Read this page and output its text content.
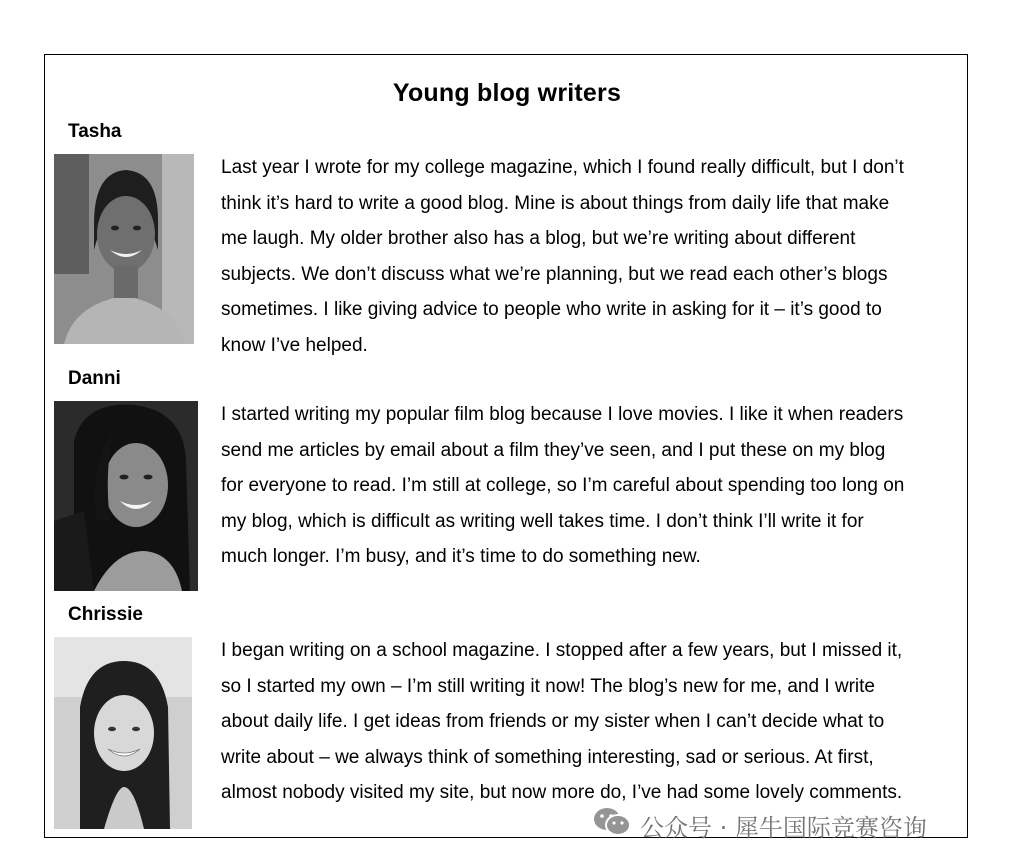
Young blog writers
Tasha
Last year I wrote for my college magazine, which I found really difficult, but I don’t
think it’s hard to write a good blog. Mine is about things from daily life that make
me laugh. My older brother also has a blog, but we’re writing about different
subjects. We don’t discuss what we’re planning, but we read each other’s blogs
sometimes. I like giving advice to people who write in asking for it – it’s good to
know I’ve helped.
Danni
I started writing my popular film blog because I love movies. I like it when readers
send me articles by email about a film they’ve seen, and I put these on my blog
for everyone to read. I’m still at college, so I’m careful about spending too long on
my blog, which is difficult as writing well takes time. I don’t think I’ll write it for
much longer. I’m busy, and it’s time to do something new.
Chrissie
I began writing on a school magazine. I stopped after a few years, but I missed it,
so I started my own – I’m still writing it now! The blog’s new for me, and I write
about daily life. I get ideas from friends or my sister when I can’t decide what to
write about – we always think of something interesting, sad or serious. At first,
almost nobody visited my site, but now more do, I’ve had some lovely comments.
公众号 · 犀牛国际竞赛咨询
